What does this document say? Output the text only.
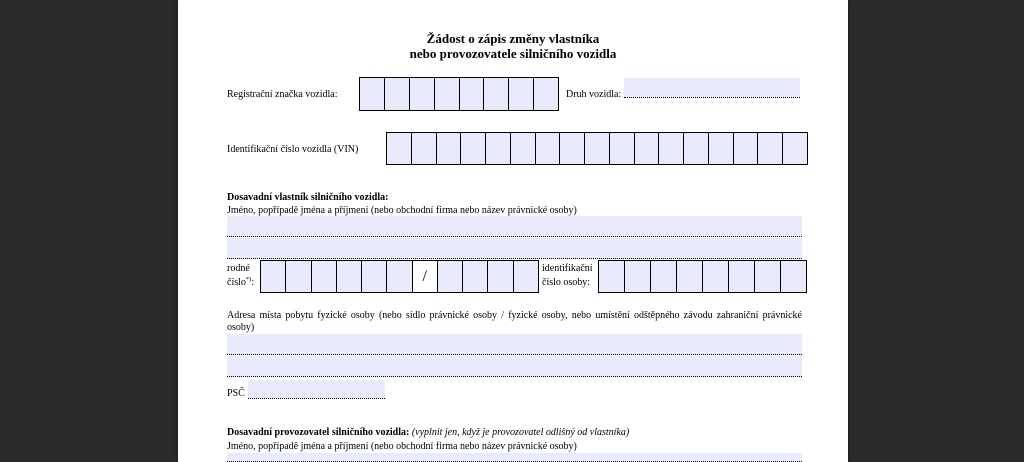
Žádost o zápis změny vlastníka
nebo provozovatele silničního vozidla
Registrační značka vozidla:	Druh vozidla:
Identifikační číslo vozidla (VIN)
Dosavadní vlastník silničního vozidla:
Jméno, popřípadě jména a příjmení (nebo obchodní firma nebo název právnické osoby)
rodné
číslo*):	/	identifikační
číslo osoby:
Adresa místa pobytu fyzické osoby (nebo sídlo právnické osoby / fyzické osoby, nebo umístění odštěpného závodu zahraniční právnické
osoby)
PSČ
Dosavadní provozovatel silničního vozidla: (vyplnit jen, když je provozovatel odlišný od vlastníka)
Jméno, popřípadě jména a příjmení (nebo obchodní firma nebo název právnické osoby)
